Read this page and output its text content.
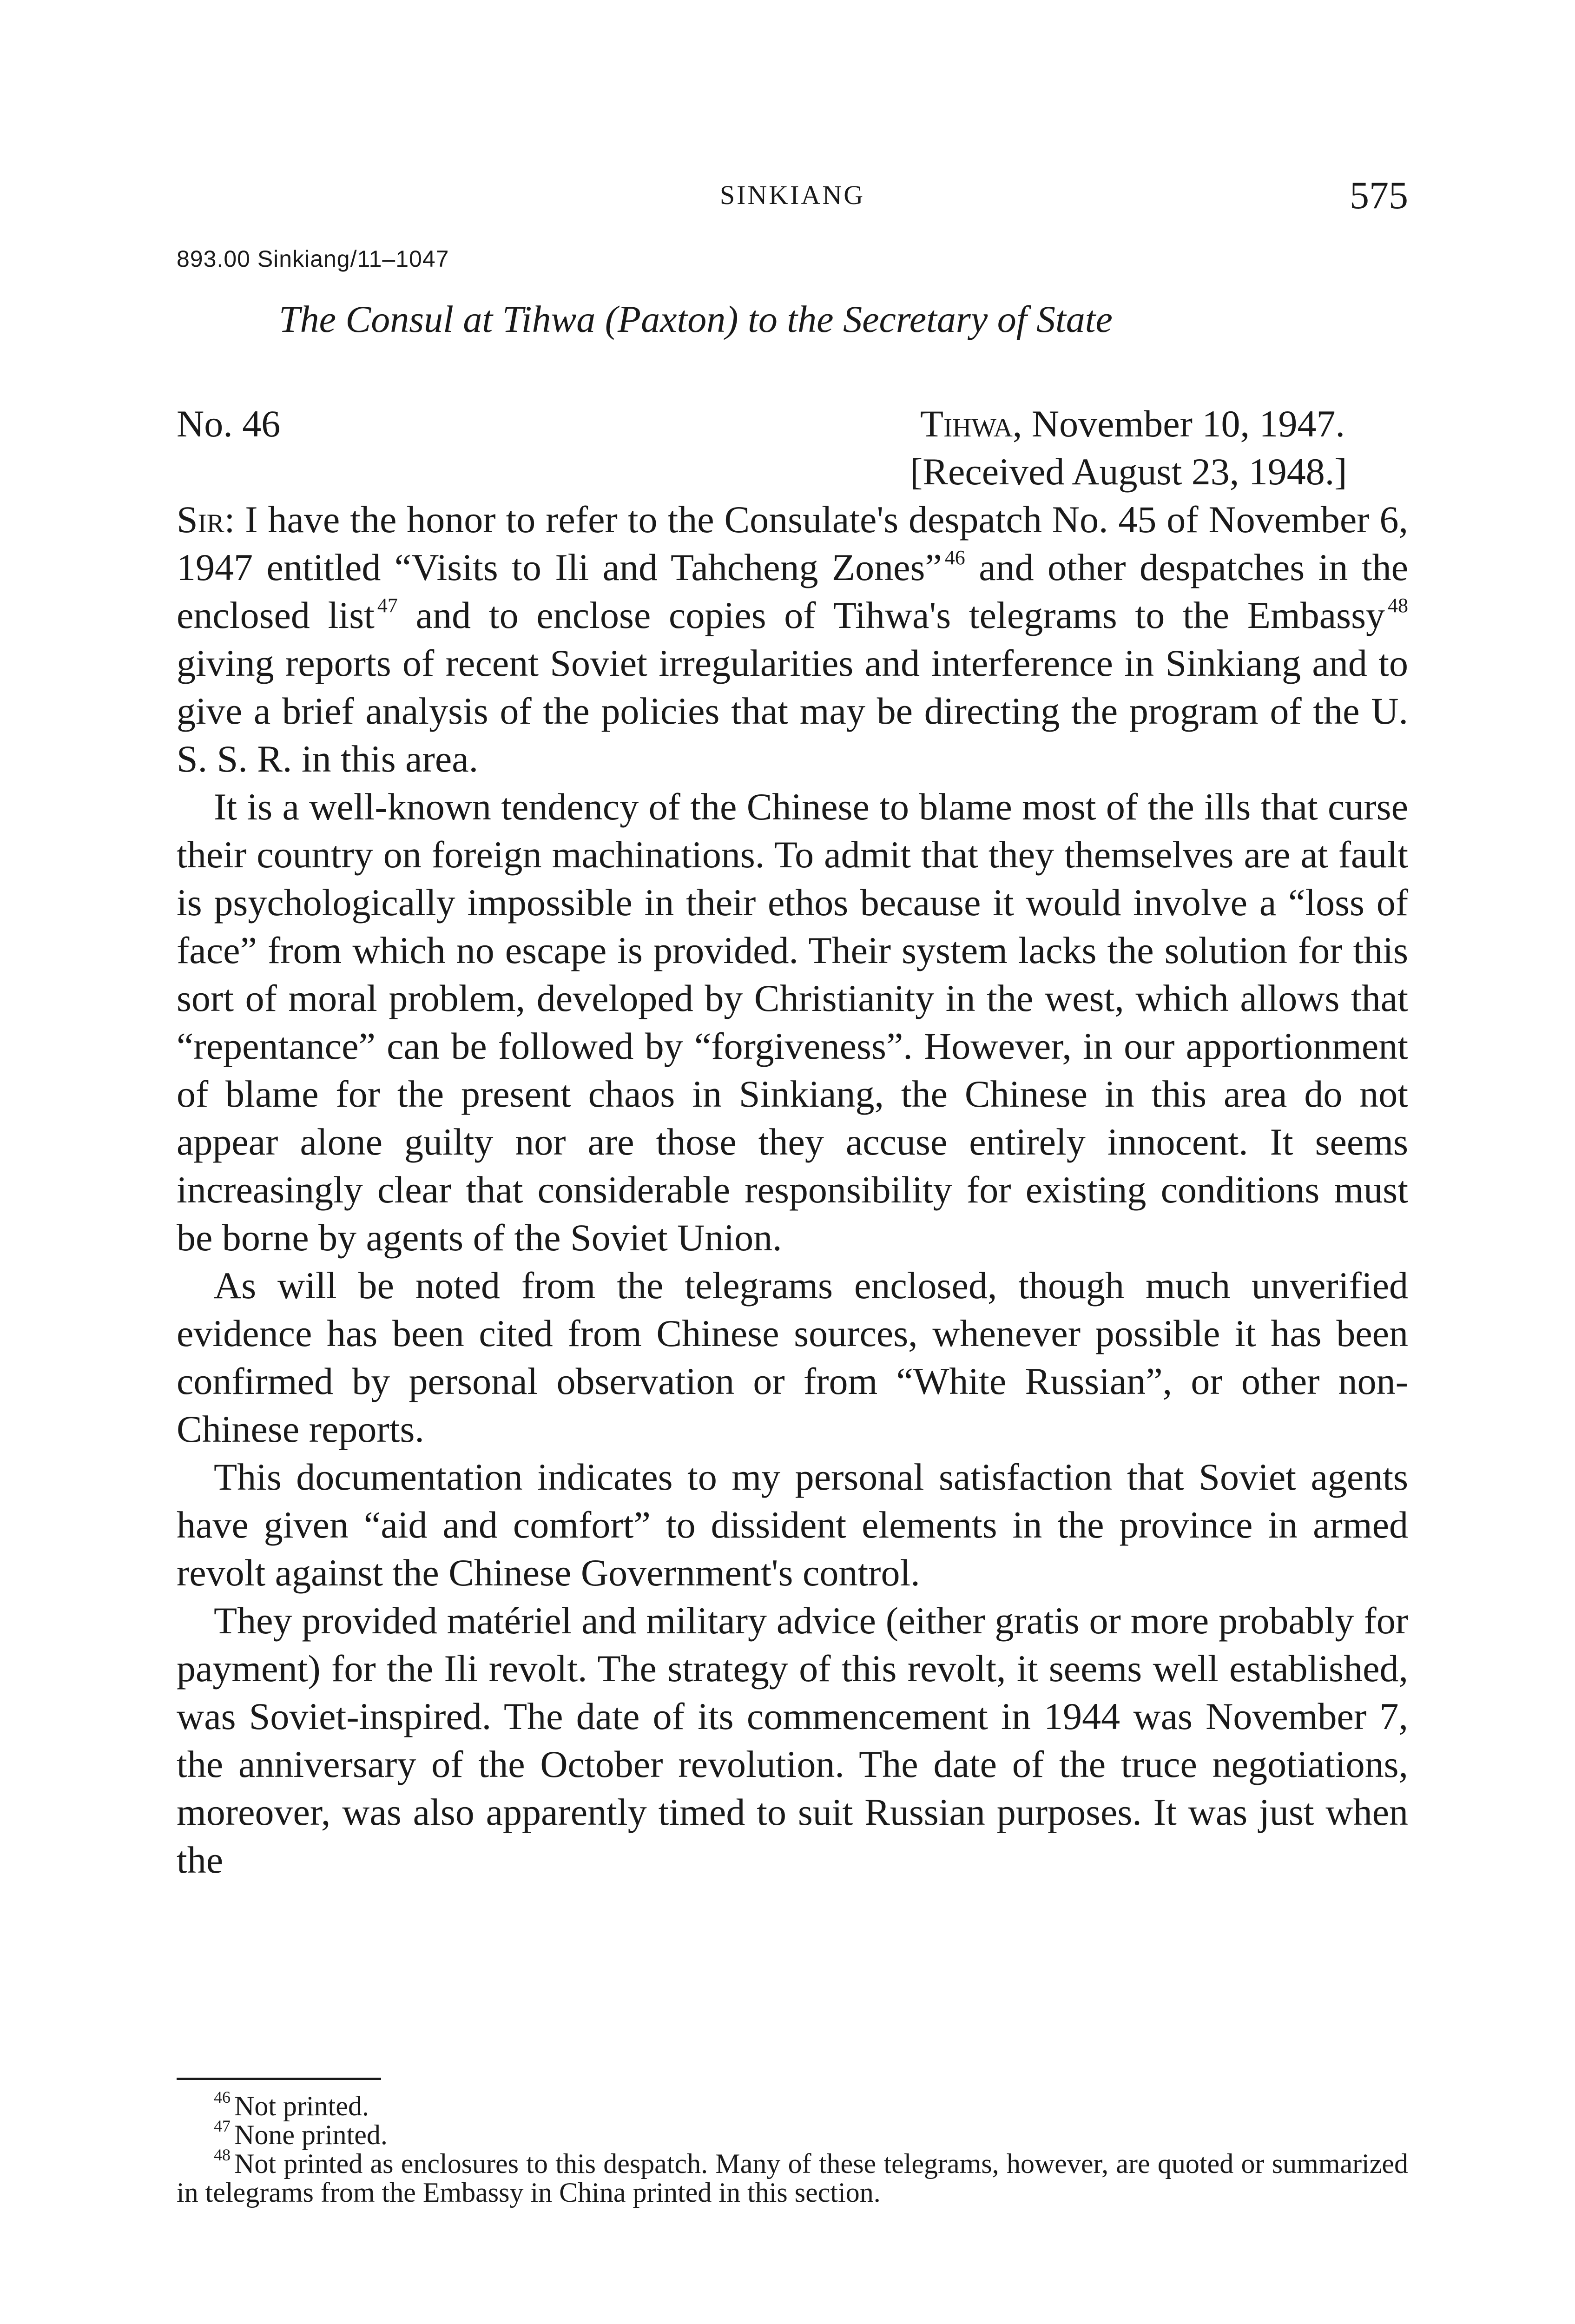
SINKIANG	575
893.00 Sinkiang/11–1047
The Consul at Tihwa (Paxton) to the Secretary of State
No. 46	Tihwa, November 10, 1947.
[Received August 23, 1948.]

Sir: I have the honor to refer to the Consulate's despatch No. 45 of November 6, 1947 entitled “Visits to Ili and Tahcheng Zones” $^{46}$ and other despatches in the enclosed list $^{47}$ and to enclose copies of Tihwa's telegrams to the Embassy $^{48}$ giving reports of recent Soviet irregularities and interference in Sinkiang and to give a brief analysis of the policies that may be directing the program of the U. S. S. R. in this area.

It is a well-known tendency of the Chinese to blame most of the ills that curse their country on foreign machinations. To admit that they themselves are at fault is psychologically impossible in their ethos because it would involve a “loss of face” from which no escape is provided. Their system lacks the solution for this sort of moral problem, developed by Christianity in the west, which allows that “repentance” can be followed by “forgiveness”. However, in our apportionment of blame for the present chaos in Sinkiang, the Chinese in this area do not appear alone guilty nor are those they accuse entirely innocent. It seems increasingly clear that considerable responsibility for existing conditions must be borne by agents of the Soviet Union.

As will be noted from the telegrams enclosed, though much unverified evidence has been cited from Chinese sources, whenever possible it has been confirmed by personal observation or from “White Russian”, or other non-Chinese reports.

This documentation indicates to my personal satisfaction that Soviet agents have given “aid and comfort” to dissident elements in the province in armed revolt against the Chinese Government's control.

They provided matériel and military advice (either gratis or more probably for payment) for the Ili revolt. The strategy of this revolt, it seems well established, was Soviet-inspired. The date of its commencement in 1944 was November 7, the anniversary of the October revolution. The date of the truce negotiations, moreover, was also apparently timed to suit Russian purposes. It was just when the

$^{46}$ Not printed.

$^{47}$ None printed.

$^{48}$ Not printed as enclosures to this despatch. Many of these telegrams, however, are quoted or summarized in telegrams from the Embassy in China printed in this section.
